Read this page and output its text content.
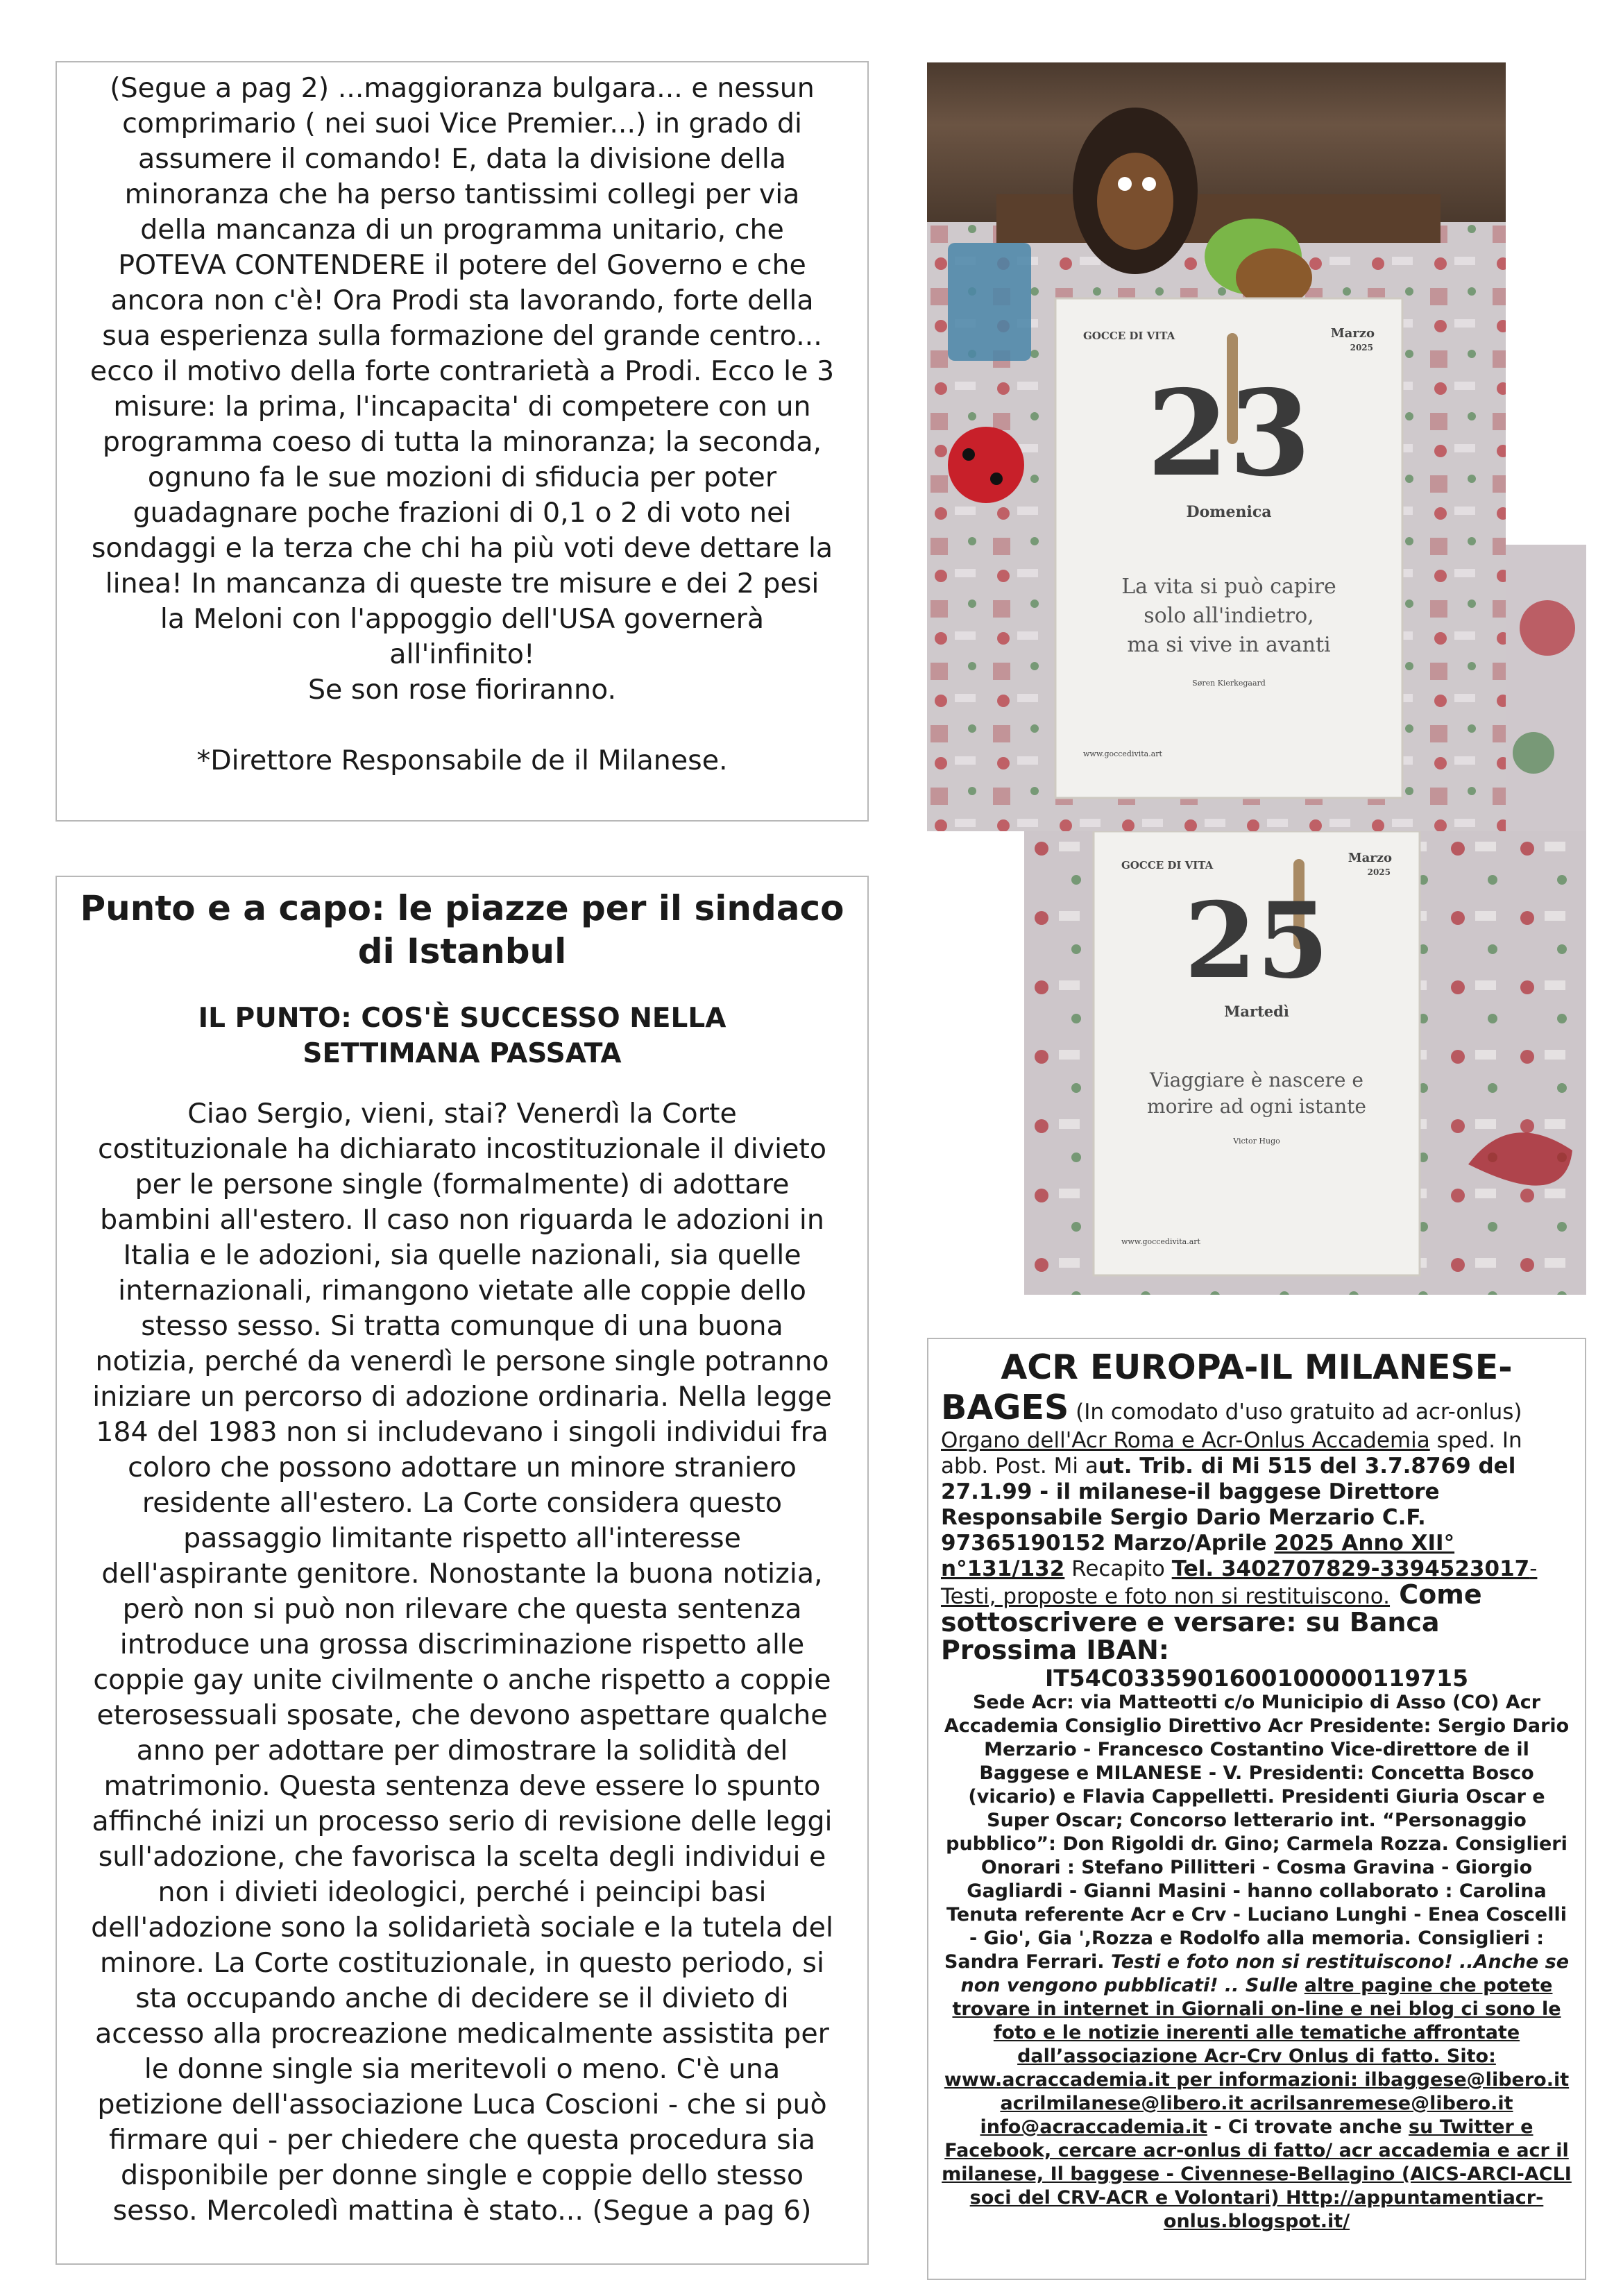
(Segue a pag 2) ...maggioranza bulgara... e nessun

comprimario ( nei suoi Vice Premier...) in grado di

assumere il comando! E, data la divisione della

minoranza che ha perso tantissimi collegi per via

della mancanza di un programma unitario, che

POTEVA CONTENDERE il potere del Governo e che

ancora non c'è! Ora Prodi sta lavorando, forte della

sua esperienza sulla formazione del grande centro...

ecco il motivo della forte contrarietà a Prodi. Ecco le 3

misure: la prima, l'incapacita' di competere con un

programma coeso di tutta la minoranza; la seconda,

ognuno fa le sue mozioni di sfiducia per poter

guadagnare poche frazioni di 0,1 o 2 di voto nei

sondaggi e la terza che chi ha più voti deve dettare la

linea! In mancanza di queste tre misure e dei 2 pesi

la Meloni con l'appoggio dell'USA governerà

all'infinito!

Se son rose fioriranno.

*Direttore Responsabile de il Milanese.

Punto e a capo: le piazze per il sindaco
di Istanbul
IL PUNTO: COS'È SUCCESSO NELLA
SETTIMANA PASSATA

Ciao Sergio, vieni, stai? Venerdì la Corte

costituzionale ha dichiarato incostituzionale il divieto

per le persone single (formalmente) di adottare

bambini all'estero. Il caso non riguarda le adozioni in

Italia e le adozioni, sia quelle nazionali, sia quelle

internazionali, rimangono vietate alle coppie dello

stesso sesso. Si tratta comunque di una buona

notizia, perché da venerdì le persone single potranno

iniziare un percorso di adozione ordinaria. Nella legge

184 del 1983 non si includevano i singoli individui fra

coloro che possono adottare un minore straniero

residente all'estero. La Corte considera questo

passaggio limitante rispetto all'interesse

dell'aspirante genitore. Nonostante la buona notizia,

però non si può non rilevare che questa sentenza

introduce una grossa discriminazione rispetto alle

coppie gay unite civilmente o anche rispetto a coppie

eterosessuali sposate, che devono aspettare qualche

anno per adottare per dimostrare la solidità del

matrimonio. Questa sentenza deve essere lo spunto

affinché inizi un processo serio di revisione delle leggi

sull'adozione, che favorisca la scelta degli individui e

non i divieti ideologici, perché i peincipi basi

dell'adozione sono la solidarietà sociale e la tutela del

minore. La Corte costituzionale, in questo periodo, si

sta occupando anche di decidere se il divieto di

accesso alla procreazione medicalmente assistita per

le donne single sia meritevoli o meno. C'è una

petizione dell'associazione Luca Coscioni - che si può

firmare qui - per chiedere che questa procedura sia

disponibile per donne single e coppie dello stesso

sesso. Mercoledì mattina è stato... (Segue a pag 6)

GOCCE DI VITA	Marzo
2025
23
Domenica
La vita si può capire
solo all'indietro,
ma si vive in avanti
Søren Kierkegaard
www.goccedivita.art
GOCCE DI VITA	Marzo
2025
25
Martedì
Viaggiare è nascere e
morire ad ogni istante
Victor Hugo
www.goccedivita.art
ACR EUROPA-IL MILANESE-

BAGES (In comodato d'uso gratuito ad acr-onlus)
Organo dell'Acr Roma e Acr-Onlus Accademia sped. In abb. Post. Mi aut. Trib. di Mi 515 del 3.7.8769 del 27.1.99 - il milanese-il baggese Direttore Responsabile Sergio Dario Merzario C.F. 97365190152 Marzo/Aprile 2025 Anno XII° n°131/132 Recapito Tel. 3402707829-3394523017- Testi, proposte e foto non si restituiscono. Come sottoscrivere e versare: su Banca Prossima IBAN:

IT54C0335901600100000119715

Sede Acr: via Matteotti c/o Municipio di Asso (CO) Acr Accademia Consiglio Direttivo Acr Presidente: Sergio Dario Merzario - Francesco Costantino Vice-direttore de il Baggese e MILANESE - V. Presidenti: Concetta Bosco (vicario) e Flavia Cappelletti. Presidenti Giuria Oscar e Super Oscar; Concorso letterario int. “Personaggio pubblico”: Don Rigoldi dr. Gino; Carmela Rozza. Consiglieri Onorari : Stefano Pillitteri - Cosma Gravina - Giorgio Gagliardi - Gianni Masini - hanno collaborato : Carolina Tenuta referente Acr e Crv - Luciano Lunghi - Enea Coscelli - Gio', Gia ',Rozza e Rodolfo alla memoria. Consiglieri : Sandra Ferrari. Testi e foto non si restituiscono! ..Anche se non vengono pubblicati! .. Sulle altre pagine che potete trovare in internet in Giornali on-line e nei blog ci sono le foto e le notizie inerenti alle tematiche affrontate dall’associazione Acr-Crv Onlus di fatto. Sito: www.acraccademia.it per informazioni: ilbaggese@libero.it acrilmilanese@libero.it acrilsanremese@libero.it info@acraccademia.it - Ci trovate anche su Twitter e Facebook, cercare acr-onlus di fatto/ acr accademia e acr il milanese, Il baggese - Civennese-Bellagino (AICS-ARCI-ACLI soci del CRV-ACR e Volontari) Http://appuntamentiacr-onlus.blogspot.it/
